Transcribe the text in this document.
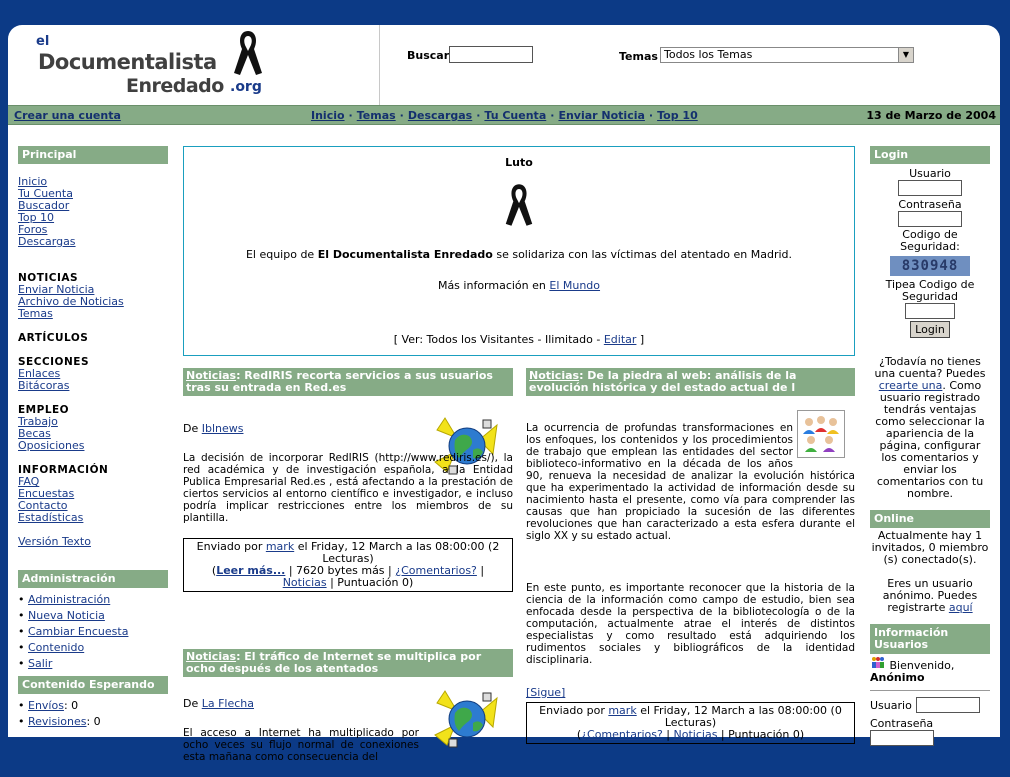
el
Documentalista
Enredado .org
Buscar	Temas Todos los Temas	▼
Crear una cuenta	Inicio · Temas · Descargas · Tu Cuenta · Enviar Noticia · Top 10	13 de Marzo de 2004
Principal
Inicio
Tu Cuenta
Buscador
Top 10
Foros
Descargas
NOTICIAS
Enviar Noticia
Archivo de Noticias
Temas
ARTÍCULOS
SECCIONES
Enlaces
Bitácoras
EMPLEO
Trabajo
Becas
Oposiciones
INFORMACIÓN
FAQ
Encuestas
Contacto
Estadísticas
Versión Texto
Administración
• Administración
• Nueva Noticia
• Cambiar Encuesta
• Contenido
• Salir
Contenido Esperando
• Envíos: 0
• Revisiones: 0
Luto
El equipo de El Documentalista Enredado se solidariza con las víctimas del atentado en Madrid.
Más información en El Mundo
[ Ver: Todos los Visitantes - Ilimitado - Editar ]
Noticias: RedIRIS recorta servicios a sus usuarios tras su entrada en Red.es
De Iblnews
La decisión de incorporar RedIRIS (http://www.rediris.es/), la red académica y de investigación española, a la Entidad Publica Empresarial Red.es , está afectando a la prestación de ciertos servicios al entorno científico e investigador, e incluso podría implicar restricciones entre los miembros de su plantilla.
Enviado por mark el Friday, 12 March a las 08:00:00 (2 Lecturas)
(Leer más... | 7620 bytes más | ¿Comentarios? |
Noticias | Puntuación 0)
Noticias: El tráfico de Internet se multiplica por ocho después de los atentados
De La Flecha
El acceso a Internet ha multiplicado por ocho veces su flujo normal de conexiones esta mañana como consecuencia del
Noticias: De la piedra al web: análisis de la evolución histórica y del estado actual de l
La ocurrencia de profundas transformaciones en los enfoques, los contenidos y los procedimientos de trabajo que emplean las entidades del sector biblioteco-informativo en la década de los años 90, renueva la necesidad de analizar la evolución histórica que ha experimentado la actividad de información desde su nacimiento hasta el presente, como vía para comprender las causas que han propiciado la sucesión de las diferentes revoluciones que han caracterizado a esta esfera durante el siglo XX y su estado actual.
En este punto, es importante reconocer que la historia de la ciencia de la información como campo de estudio, bien sea enfocada desde la perspectiva de la bibliotecología o de la computación, actualmente atrae el interés de distintos especialistas y como resultado está adquiriendo los rudimentos sociales y bibliográficos de la identidad disciplinaria.
[Sigue]
Enviado por mark el Friday, 12 March a las 08:00:00 (0 Lecturas)
(¿Comentarios? | Noticias | Puntuación 0)
Login
Usuario
Contraseña
Codigo de Seguridad:
830948
Tipea Codigo de Seguridad
Login
¿Todavía no tienes una cuenta? Puedes crearte una. Como usuario registrado tendrás ventajas como seleccionar la apariencia de la página, configurar los comentarios y enviar los comentarios con tu nombre.
Online
Actualmente hay 1 invitados, 0 miembro (s) conectado(s).
Eres un usuario anónimo. Puedes registrarte aquí
Información Usuarios
Bienvenido,
Anónimo
Usuario
Contraseña
